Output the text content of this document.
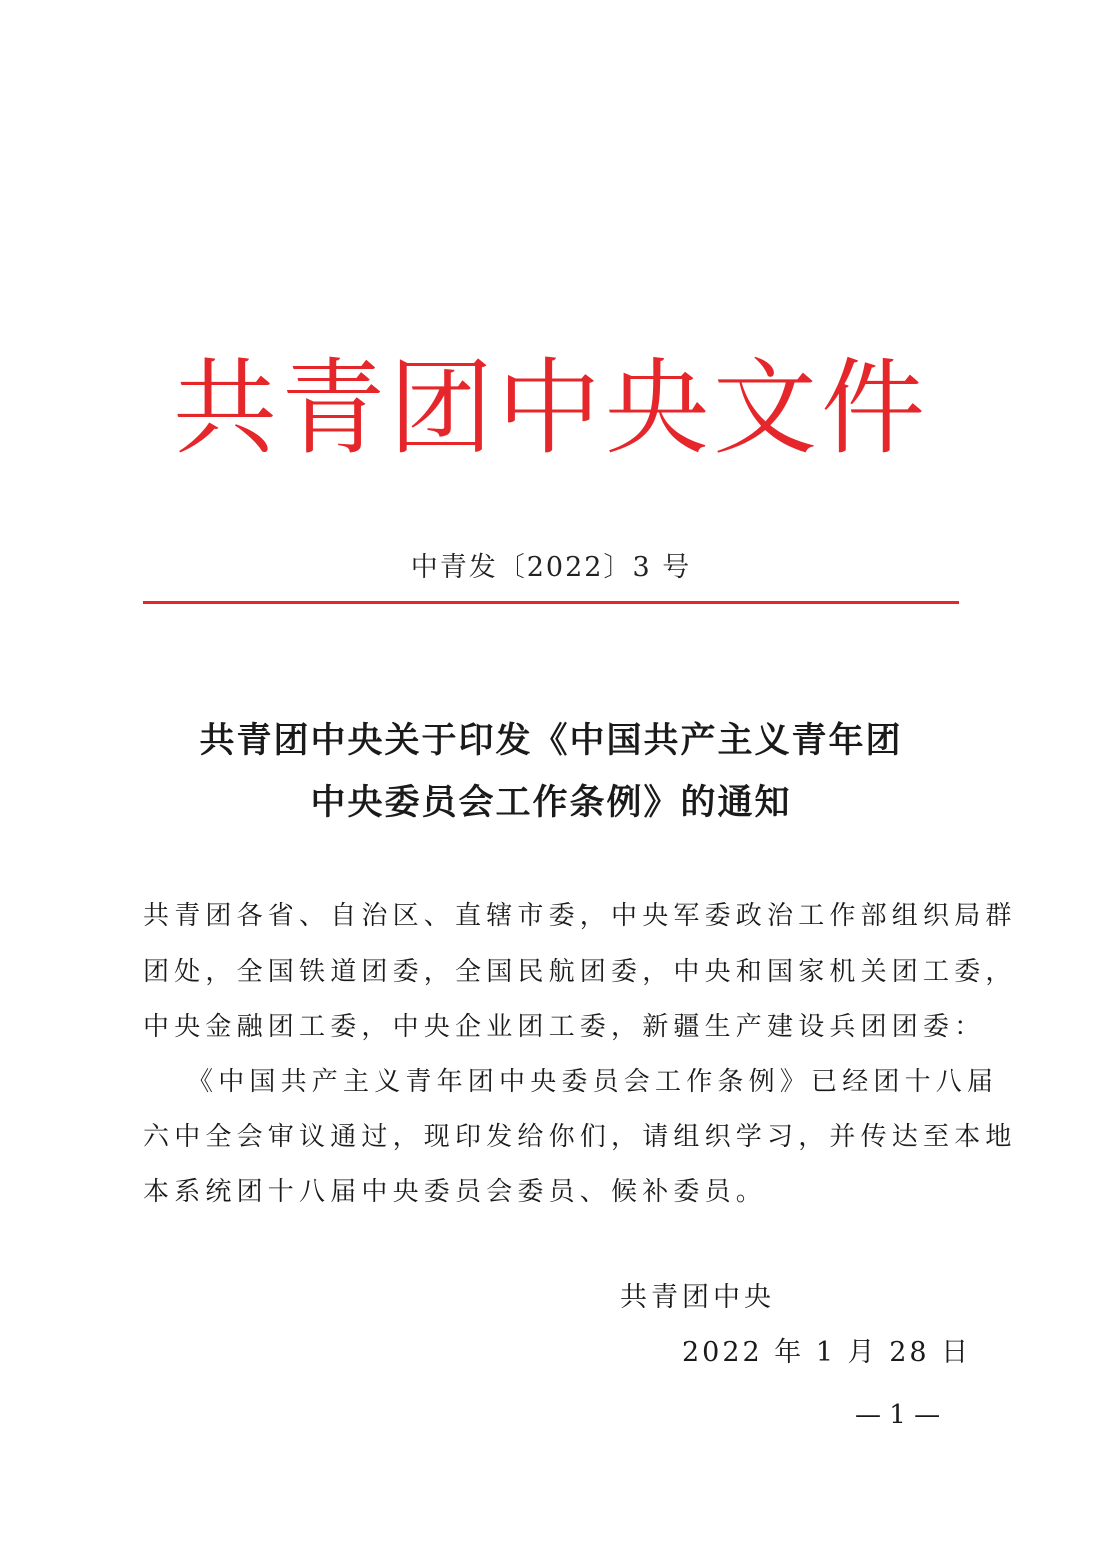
共青团中央文件
中青发〔2022〕3 号
共青团中央关于印发《中国共产主义青年团
中央委员会工作条例》的通知
共青团各省、自治区、直辖市委，中央军委政治工作部组织局群
团处，全国铁道团委，全国民航团委，中央和国家机关团工委，
中央金融团工委，中央企业团工委，新疆生产建设兵团团委：
《中国共产主义青年团中央委员会工作条例》已经团十八届
六中全会审议通过，现印发给你们，请组织学习，并传达至本地
本系统团十八届中央委员会委员、候补委员。
共青团中央
2022 年 1 月 28 日
— 1 —
